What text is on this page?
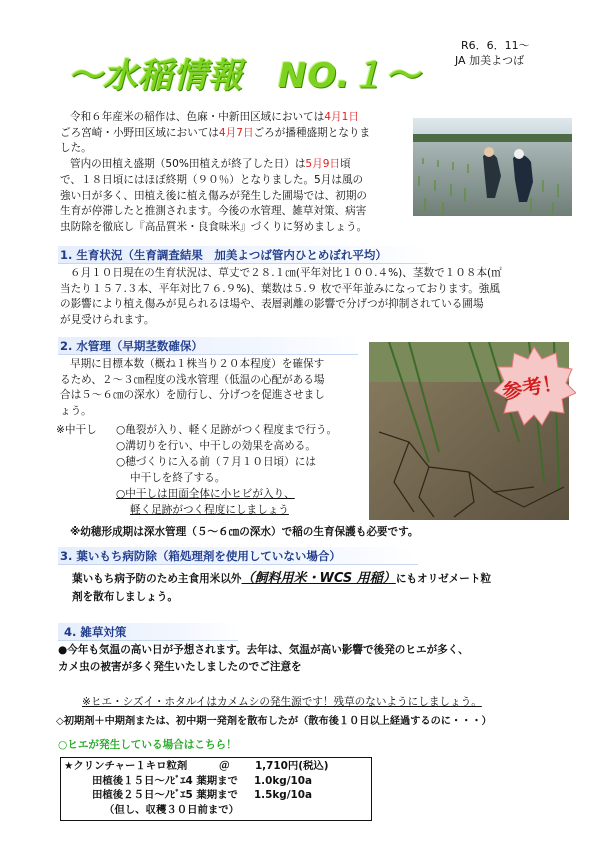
～水稲情報　NO.１～
R6．6．11～
JA 加美よつば
令和６年産米の稲作は、色麻・中新田区域においては4月1日
ごろ宮崎・小野田区域においては4月7日ごろが播種盛期となりま
した。
管内の田植え盛期（50%田植えが終了した日）は5月9日頃
で、１８日頃にはほぼ終期（９０％）となりました。5月は風の
強い日が多く、田植え後に植え傷みが発生した圃場では、初期の
生育が停滞したと推測されます。今後の水管理、雑草対策、病害
虫防除を徹底し『高品質米・良食味米』づくりに努めましょう。
1. 生育状況（生育調査結果　加美よつば管内ひとめぼれ平均）
６月１０日現在の生育状況は、草丈で２８.１㎝(平年対比１００.４%)、茎数で１０８本(㎡
当たり１５７.３本、平年対比７６.９%)、葉数は５.９ 枚で平年並みになっております。強風
の影響により植え傷みが見られるほ場や、表層剥離の影響で分げつが抑制されている圃場
が見受けられます。
2. 水管理（早期茎数確保）
早期に目標本数（概ね１株当り２０本程度）を確保す
るため、２～３㎝程度の浅水管理（低温の心配がある場
合は５～６㎝の深水）を励行し、分げつを促進させまし
ょう。
※中干し ○亀裂が入り、軽く足跡がつく程度まで行う。
○溝切りを行い、中干しの効果を高める。
○穂づくりに入る前（７月１０日頃）には
中干しを終了する。
○中干しは田面全体に小ヒビが入り、
軽く足跡がつく程度にしましょう
※幼穂形成期は深水管理（５～６㎝の深水）で稲の生育保護も必要です。
参考！
3. 葉いもち病防除（箱処理剤を使用していない場合）
葉いもち病予防のため主食用米以外（飼料用米・WCS 用稲）にもオリゼメート粒
剤を散布しましょう。
4. 雑草対策
●今年も気温の高い日が予想されます。去年は、気温が高い影響で後発のヒエが多く、
カメ虫の被害が多く発生いたしましたのでご注意を
※ヒエ・シズイ・ホタルイはカメムシの発生源です！残草のないようにしましょう。
◇初期剤＋中期剤または、初中期一発剤を散布したが（散布後１０日以上経過するのに・・・）
○ヒエが発生している場合はこちら！
★クリンチャー１キロ粒剤	＠ 1,710円(税込)
田植後１５日～ﾉﾋﾞｴ4 葉期まで 1.0kg/10a
田植後２５日～ﾉﾋﾞｴ5 葉期まで 1.5kg/10a
（但し、収穫３０日前まで）
